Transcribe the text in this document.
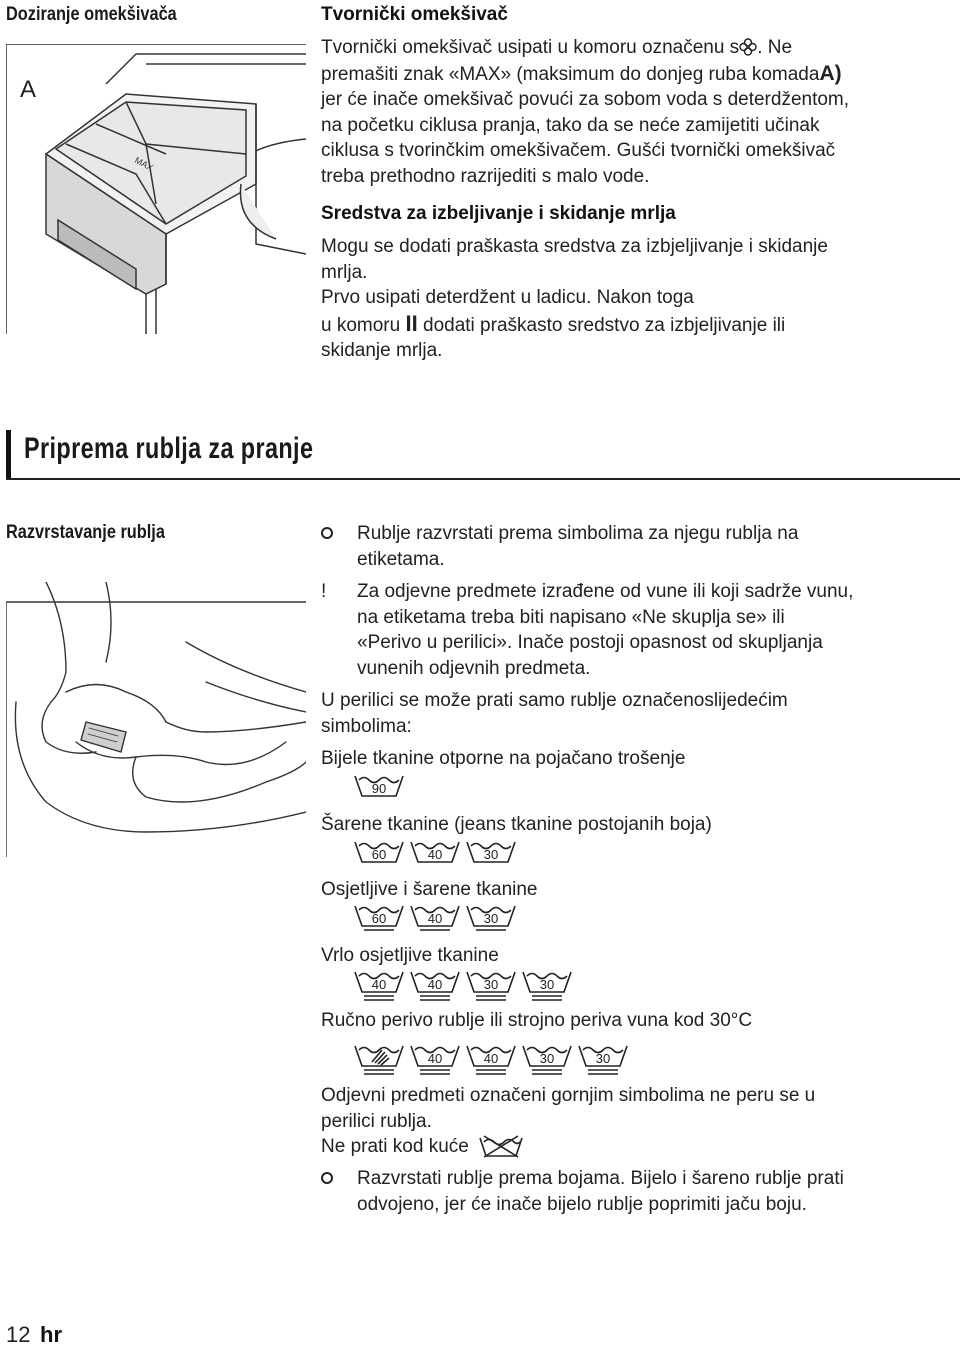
Doziranje omekšivača
MAX
A
Tvornički omekšivač
Tvornički omekšivač usipati u komoru označenu s . Ne
premašiti znak «MAX» (maksimum do donjeg ruba komadaA)
jer će inače omekšivač povući za sobom voda s deterdžentom,
na početku ciklusa pranja, tako da se neće zamijetiti učinak
ciklusa s tvorinčkim omekšivačem. Gušći tvornički omekšivač
treba prethodno razrijediti s malo vode.
Sredstva za izbeljivanje i skidanje mrlja
Mogu se dodati praškasta sredstva za izbjeljivanje i skidanje
mrlja.
Prvo usipati deterdžent u ladicu. Nakon toga
u komoru II dodati praškasto sredstvo za izbjeljivanje ili
skidanje mrlja.
Priprema rublja za pranje
Razvrstavanje rublja	Rublje razvrstati prema simbolima za njegu rublja na
etiketama.
!	Za odjevne predmete izrađene od vune ili koji sadrže vunu,
na etiketama treba biti napisano «Ne skuplja se» ili
«Perivo u perilici». Inače postoji opasnost od skupljanja
vunenih odjevnih predmeta.
U perilici se može prati samo rublje označenoslijedećim
simbolima:
Bijele tkanine otporne na pojačano trošenje
90
Šarene tkanine (jeans tkanine postojanih boja)
60	40	30
Osjetljive i šarene tkanine
60	40	30
Vrlo osjetljive tkanine
40	40	30	30
Ručno perivo rublje ili strojno periva vuna kod 30°C
40	40	30	30
Odjevni predmeti označeni gornjim simbolima ne peru se u
perilici rublja.
Ne prati kod kuće
Razvrstati rublje prema bojama. Bijelo i šareno rublje prati
odvojeno, jer će inače bijelo rublje poprimiti jaču boju.
12 hr
